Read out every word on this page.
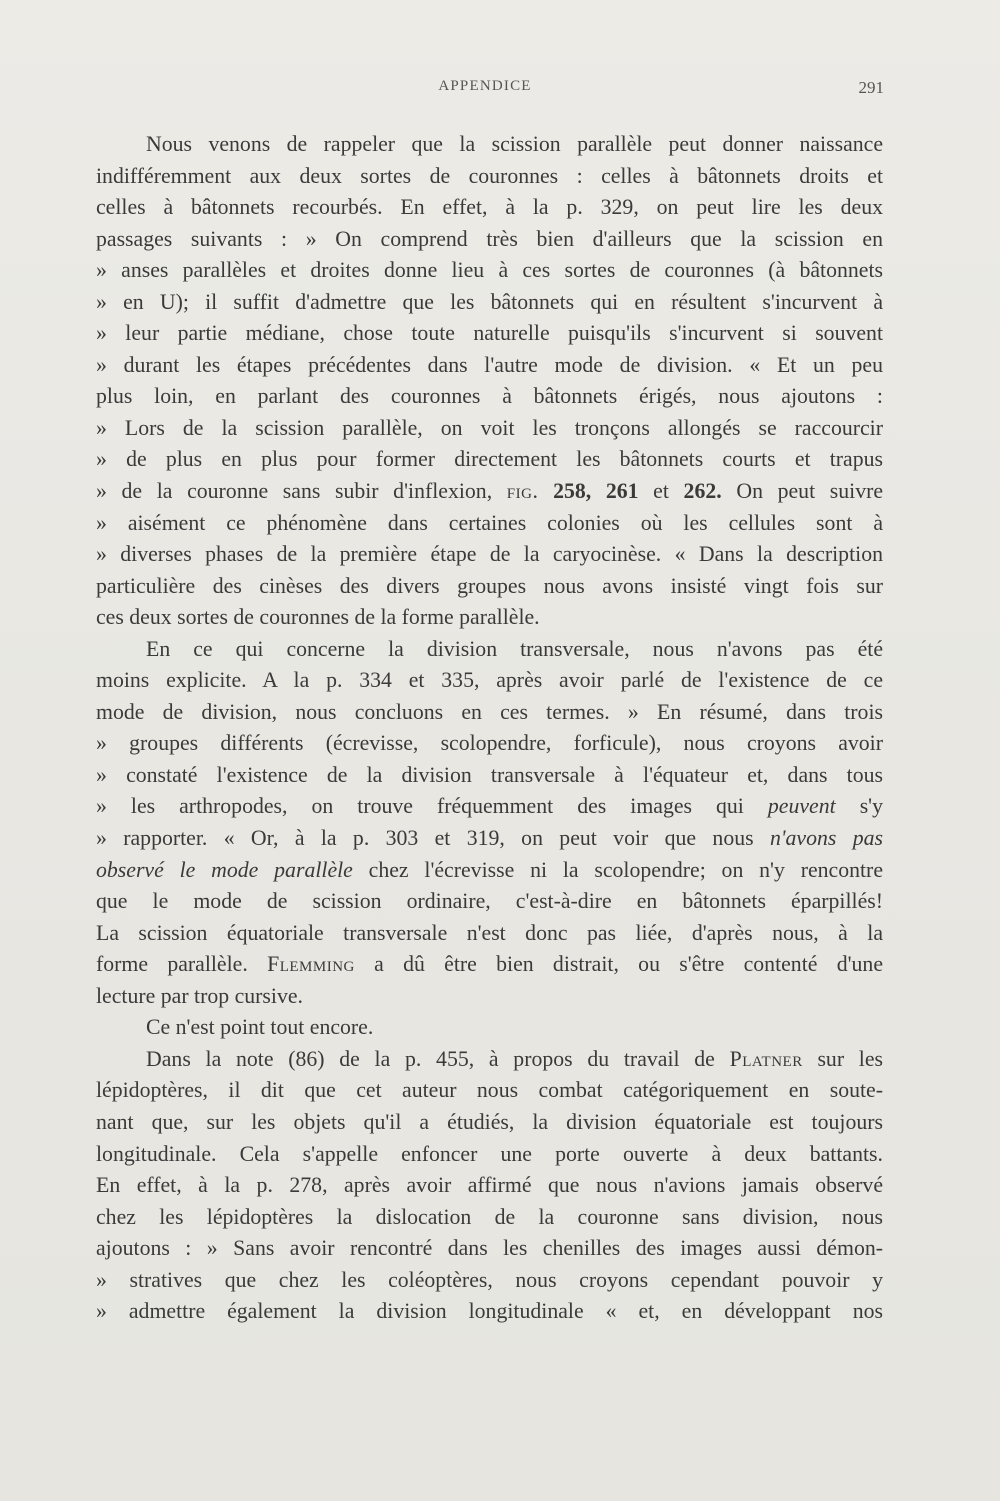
APPENDICE	291
Nous venons de rappeler que la scission parallèle peut donner naissance
indifféremment aux deux sortes de couronnes : celles à bâtonnets droits et
celles à bâtonnets recourbés. En effet, à la p. 329, on peut lire les deux
passages suivants : » On comprend très bien d'ailleurs que la scission en
» anses parallèles et droites donne lieu à ces sortes de couronnes (à bâtonnets
» en U); il suffit d'admettre que les bâtonnets qui en résultent s'incurvent à
» leur partie médiane, chose toute naturelle puisqu'ils s'incurvent si souvent
» durant les étapes précédentes dans l'autre mode de division. « Et un peu
plus loin, en parlant des couronnes à bâtonnets érigés, nous ajoutons :
» Lors de la scission parallèle, on voit les tronçons allongés se raccourcir
» de plus en plus pour former directement les bâtonnets courts et trapus
» de la couronne sans subir d'inflexion, fig. 258, 261 et 262. On peut suivre
» aisément ce phénomène dans certaines colonies où les cellules sont à
» diverses phases de la première étape de la caryocinèse. « Dans la description
particulière des cinèses des divers groupes nous avons insisté vingt fois sur
ces deux sortes de couronnes de la forme parallèle.
En ce qui concerne la division transversale, nous n'avons pas été
moins explicite. A la p. 334 et 335, après avoir parlé de l'existence de ce
mode de division, nous concluons en ces termes. » En résumé, dans trois
» groupes différents (écrevisse, scolopendre, forficule), nous croyons avoir
» constaté l'existence de la division transversale à l'équateur et, dans tous
» les arthropodes, on trouve fréquemment des images qui peuvent s'y
» rapporter. « Or, à la p. 303 et 319, on peut voir que nous n'avons pas
observé le mode parallèle chez l'écrevisse ni la scolopendre; on n'y rencontre
que le mode de scission ordinaire, c'est-à-dire en bâtonnets éparpillés!
La scission équatoriale transversale n'est donc pas liée, d'après nous, à la
forme parallèle. Flemming a dû être bien distrait, ou s'être contenté d'une
lecture par trop cursive.
Ce n'est point tout encore.
Dans la note (86) de la p. 455, à propos du travail de Platner sur les
lépidoptères, il dit que cet auteur nous combat catégoriquement en soute-
nant que, sur les objets qu'il a étudiés, la division équatoriale est toujours
longitudinale. Cela s'appelle enfoncer une porte ouverte à deux battants.
En effet, à la p. 278, après avoir affirmé que nous n'avions jamais observé
chez les lépidoptères la dislocation de la couronne sans division, nous
ajoutons : » Sans avoir rencontré dans les chenilles des images aussi démon-
» stratives que chez les coléoptères, nous croyons cependant pouvoir y
» admettre également la division longitudinale « et, en développant nos
